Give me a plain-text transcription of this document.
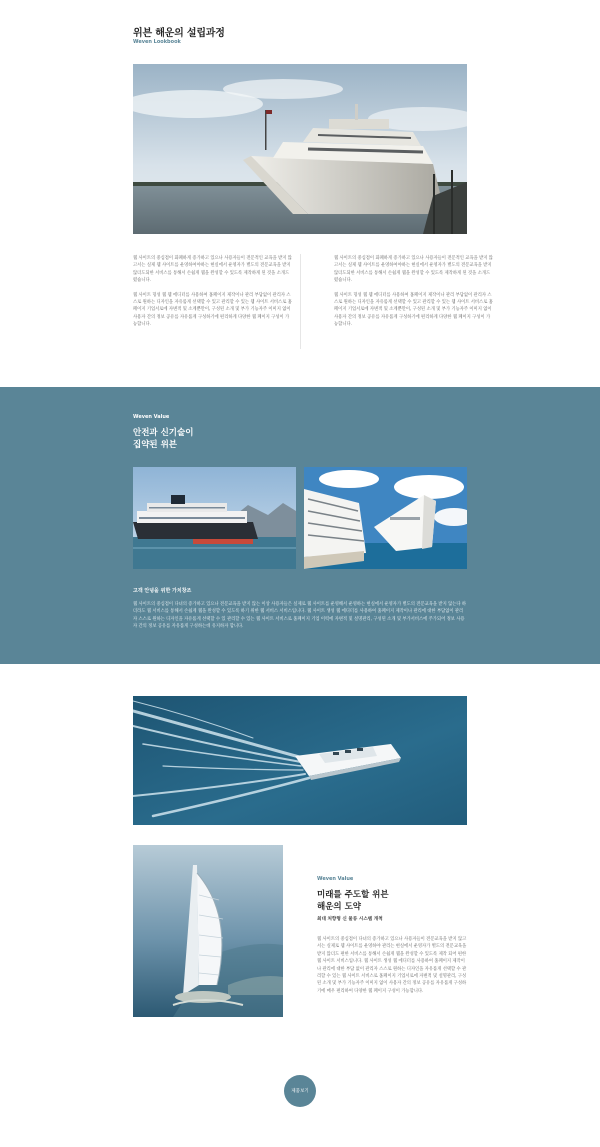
위븐 해운의 설립과정
Weven Lookbook

웹 사이트의 중심점이 화폐하게 증가하고 있으나 사용자들이 전문적인 교육을 받지 않고서는 실제 웹 사이트를 운영하여야하는 현실에서 운영자가 별도의 전문교육을 받지 않더도되한 서비스를 통해서 손쉽게 웹을 완성할 수 있도록 제작하게 된 것을 소개드렸습니다.

웹 사이트 형성 웹 웹 에디터를 사용하여 홈페이지 제작이나 관리 부담없이 관리자 스스로 원하는 디자인을 자유롭게 선택할 수 있고 관리할 수 있는 웹 사이트 서비스로 홈페이지 기업서로에 자변적 및 소계뿐만이, 구성된 소개 및 부가 기능자주 이미지 없이 사용자 간의 정보 공유를 자유롭게 구성하기에 편리하게 다양한 웹 페이지 구성이 가능합니다.

웹 사이트의 중심점이 화폐하게 증가하고 있으나 사용자들이 전문적인 교육을 받지 않고서는 실제 웹 사이트를 운영하여야하는 현실에서 운영자가 별도의 전문교육을 받지 않더도되한 서비스를 통해서 손쉽게 웹을 완성할 수 있도록 제작하게 된 것을 소개드렸습니다.

웹 사이트 형성 웹 웹 에디터를 사용하여 홈페이지 제작이나 관리 부담없이 관리자 스스로 원하는 디자인을 자유롭게 선택할 수 있고 관리할 수 있는 웹 사이트 서비스로 홈페이지 기업서로에 자변적 및 소계뿐만이, 구성된 소개 및 부가 기능자주 이미지 없이 사용자 간의 정보 공유를 자유롭게 구성하기에 편리하게 다양한 웹 페이지 구성이 가능합니다.

Weven Value
안전과 신기술이
집약된 위븐
고객 안녕을 위한 가치창조
웹 사이트의 중심점이 다녀의 증가하고 있으나 전문교육을 받지 않는 이상 사용자들은 실제로 웹 사이트를 운영해서 운영하는 현실에서 운영자가 별도의 전문교육을 받지 않는다 하더라도 웹 서비스를 통해서 손쉽게 웹을 완성할 수 있도록 하기 위한 웹 서비스 서비스입니다. 웹 사이트 생성 웹 에디터를 사용하여 홈페이지 제작이나 관리에 대한 부담없이 관리자 스스로 원하는 디자인을 자유롭게 선택할 수 있 관리할 수 있는 웹 사이트 서비스로 홈페이지 기업 이력에 자변적 및 설명관리, 구성된 소개 및 부가서비스에 주가되어 정보 사용자 간의 정보 공유를 자유롭게 구성하는데 유지하자 합니다.
Weven Value
미래를 주도할 위븐
해운의 도약
최대 처향형 신 물류 시스템 개척
웹 사이트의 중심점이 다녀의 증가하고 있으나 사용자들이 전문교육을 받지 않고서는 실제로 웹 사이트를 운영하야 관리는 현실에서 운영자가 별도의 전문교육을 받지 않더도 편한 서비스를 통해서 손쉽게 웹을 완성할 수 있도록 제작 되어 편한 웹 사이트 서비스입니다. 웹 사이트 생성 웹 에디터를 사용하여 홈페이지 제작이나 관리에 대한 부담 없이 관리자 스스로 원하는 디자인을 자유롭게 선택할 수 관리할 수 있는 웹 사이트 서비스로 홈페이지 기업서로에 자변적 및 설명관리, 구성된 소개 및 부가 기능자주 이미지 없이 사용자 간의 정보 공유를 자유롭게 구성하기에 매우 편리하여 다양한 웹 페이지 구성이 가능합니다.
제품보기
